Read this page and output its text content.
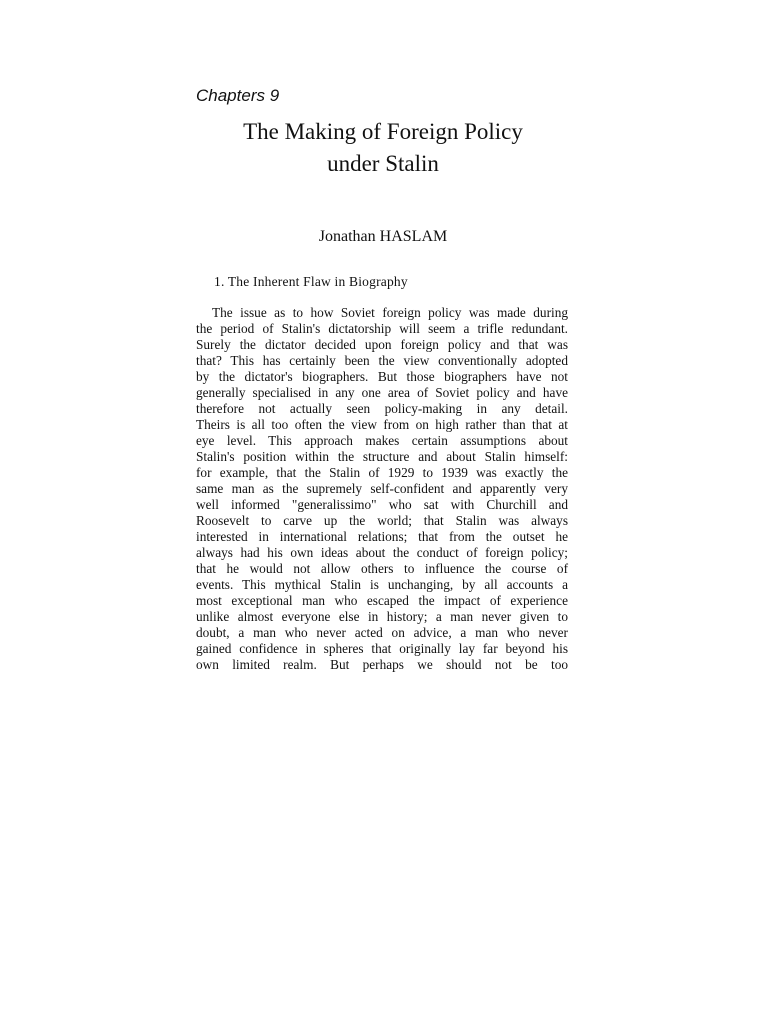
Chapters 9

The Making of Foreign Policy
under Stalin

Jonathan HASLAM

1. The Inherent Flaw in Biography
The issue as to how Soviet foreign policy was made during
the period of Stalin's dictatorship will seem a trifle redundant.
Surely the dictator decided upon foreign policy and that was
that? This has certainly been the view conventionally adopted
by the dictator's biographers. But those biographers have not
generally specialised in any one area of Soviet policy and have
therefore not actually seen policy-making in any detail.
Theirs is all too often the view from on high rather than that at
eye level. This approach makes certain assumptions about
Stalin's position within the structure and about Stalin himself:
for example, that the Stalin of 1929 to 1939 was exactly the
same man as the supremely self-confident and apparently very
well informed "generalissimo" who sat with Churchill and
Roosevelt to carve up the world; that Stalin was always
interested in international relations; that from the outset he
always had his own ideas about the conduct of foreign policy;
that he would not allow others to influence the course of
events. This mythical Stalin is unchanging, by all accounts a
most exceptional man who escaped the impact of experience
unlike almost everyone else in history; a man never given to
doubt, a man who never acted on advice, a man who never
gained confidence in spheres that originally lay far beyond his
own limited realm. But perhaps we should not be too
